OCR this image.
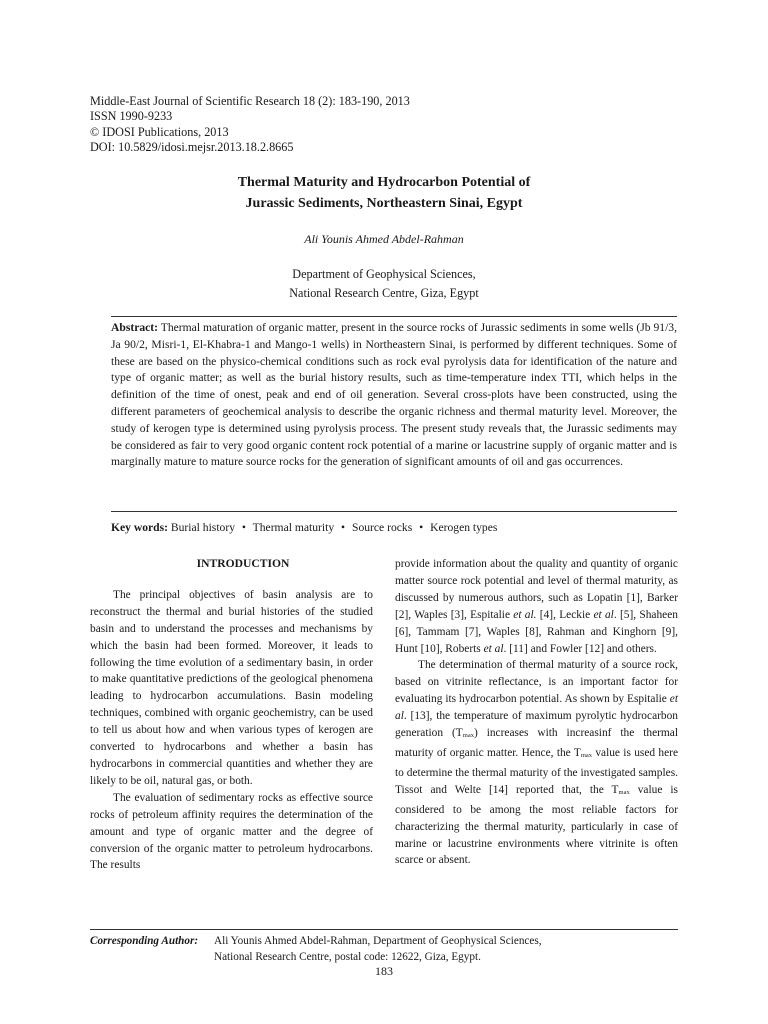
Middle-East Journal of Scientific Research 18 (2): 183-190, 2013
ISSN 1990-9233
© IDOSI Publications, 2013
DOI: 10.5829/idosi.mejsr.2013.18.2.8665
Thermal Maturity and Hydrocarbon Potential of
Jurassic Sediments, Northeastern Sinai, Egypt
Ali Younis Ahmed Abdel-Rahman
Department of Geophysical Sciences,
National Research Centre, Giza, Egypt
Abstract: Thermal maturation of organic matter, present in the source rocks of Jurassic sediments in some wells (Jb 91/3, Ja 90/2, Misri-1, El-Khabra-1 and Mango-1 wells) in Northeastern Sinai, is performed by different techniques. Some of these are based on the physico-chemical conditions such as rock eval pyrolysis data for identification of the nature and type of organic matter; as well as the burial history results, such as time-temperature index TTI, which helps in the definition of the time of onest, peak and end of oil generation. Several cross-plots have been constructed, using the different parameters of geochemical analysis to describe the organic richness and thermal maturity level. Moreover, the study of kerogen type is determined using pyrolysis process. The present study reveals that, the Jurassic sediments may be considered as fair to very good organic content rock potential of a marine or lacustrine supply of organic matter and is marginally mature to mature source rocks for the generation of significant amounts of oil and gas occurrences.
Key words: Burial history • Thermal maturity • Source rocks • Kerogen types

INTRODUCTION

The principal objectives of basin analysis are to reconstruct the thermal and burial histories of the studied basin and to understand the processes and mechanisms by which the basin had been formed. Moreover, it leads to following the time evolution of a sedimentary basin, in order to make quantitative predictions of the geological phenomena leading to hydrocarbon accumulations. Basin modeling techniques, combined with organic geochemistry, can be used to tell us about how and when various types of kerogen are converted to hydrocarbons and whether a basin has hydrocarbons in commercial quantities and whether they are likely to be oil, natural gas, or both.

The evaluation of sedimentary rocks as effective source rocks of petroleum affinity requires the determination of the amount and type of organic matter and the degree of conversion of the organic matter to petroleum hydrocarbons. The results

provide information about the quality and quantity of organic matter source rock potential and level of thermal maturity, as discussed by numerous authors, such as Lopatin [1], Barker [2], Waples [3], Espitalie et al. [4], Leckie et al. [5], Shaheen [6], Tammam [7], Waples [8], Rahman and Kinghorn [9], Hunt [10], Roberts et al. [11] and Fowler [12] and others.

The determination of thermal maturity of a source rock, based on vitrinite reflectance, is an important factor for evaluating its hydrocarbon potential. As shown by Espitalie et al. [13], the temperature of maximum pyrolytic hydrocarbon generation $(T_{max})$ increases with increasinf the thermal maturity of organic matter. Hence, the $T_{max}$ value is used here to determine the thermal maturity of the investigated samples. Tissot and Welte [14] reported that, the $T_{max}$ value is considered to be among the most reliable factors for characterizing the thermal maturity, particularly in case of marine or lacustrine environments where vitrinite is often scarce or absent.

Corresponding Author: Ali Younis Ahmed Abdel-Rahman, Department of Geophysical Sciences,
National Research Centre, postal code: 12622, Giza, Egypt.
183
